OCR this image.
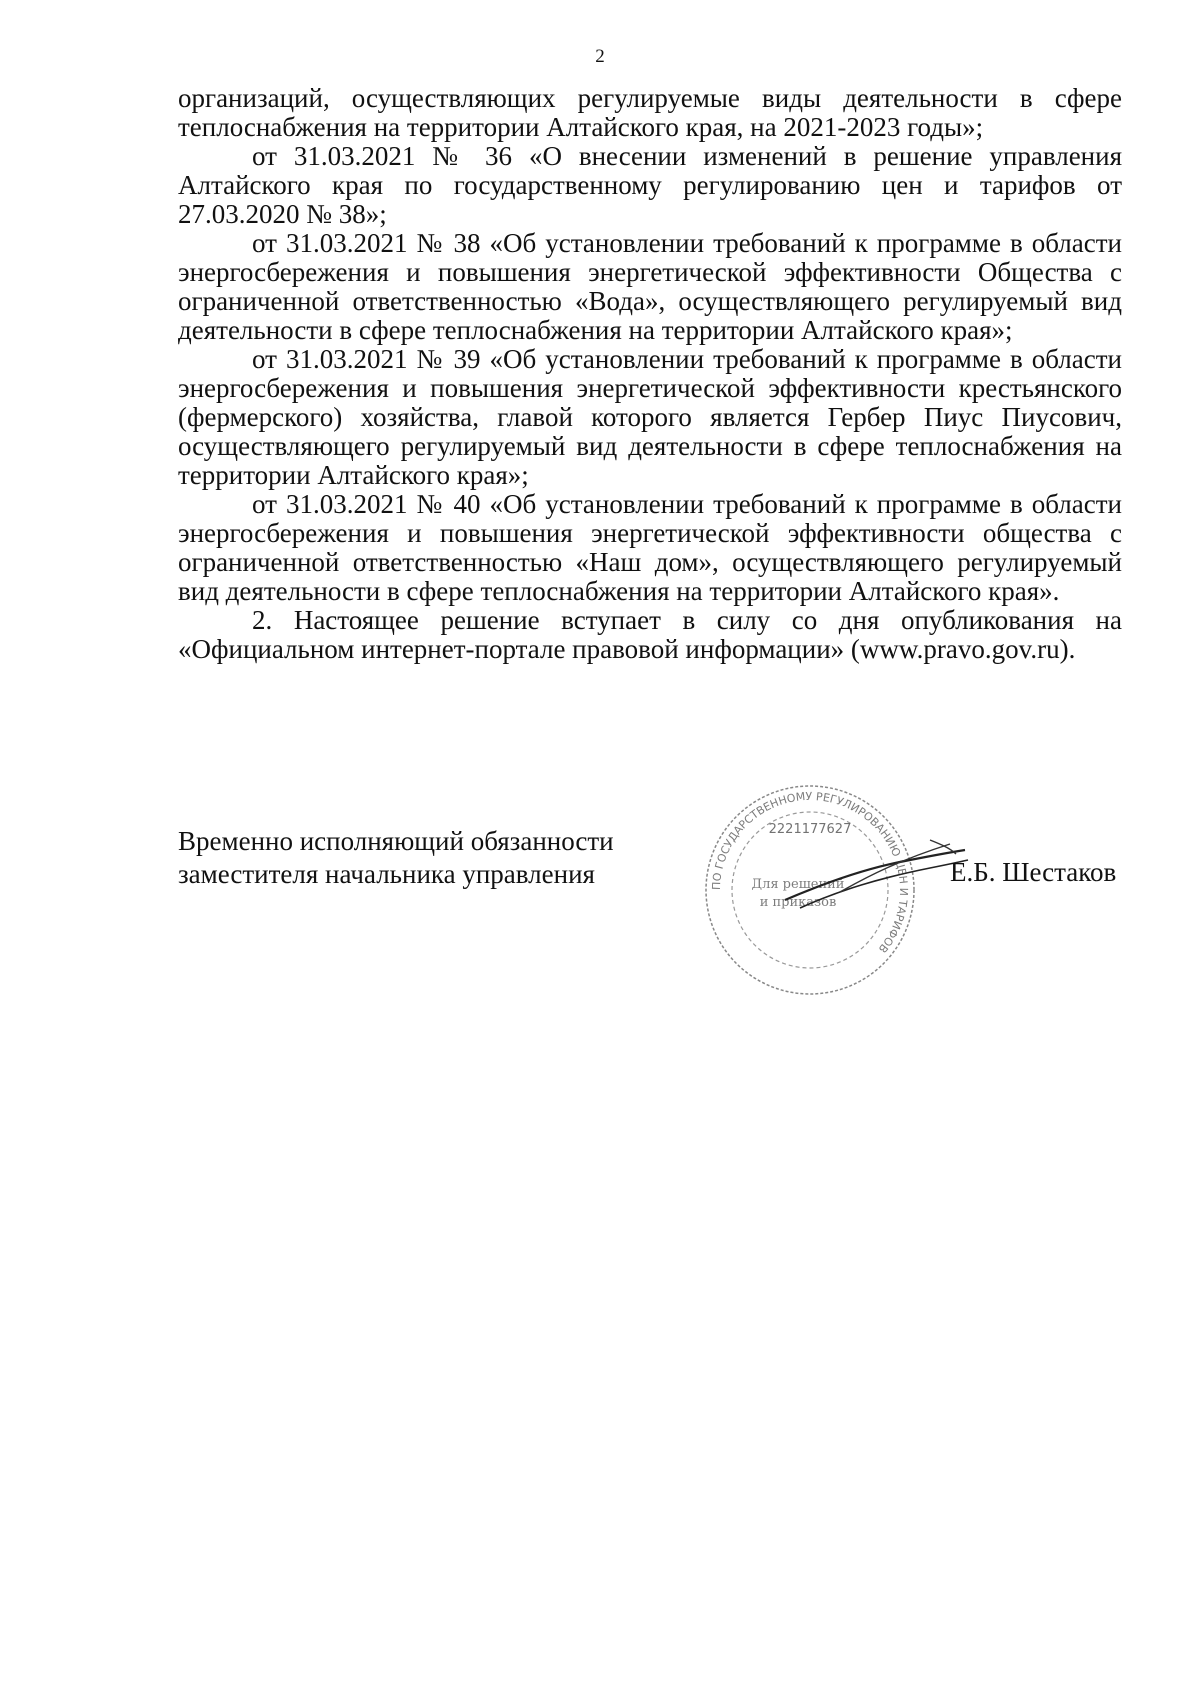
2

организаций, осуществляющих регулируемые виды деятельности в сфере теплоснабжения на территории Алтайского края, на 2021-2023 годы»;

от 31.03.2021 № 36 «О внесении изменений в решение управления Алтайского края по государственному регулированию цен и тарифов от 27.03.2020 № 38»;

от 31.03.2021 № 38 «Об установлении требований к программе в области энергосбережения и повышения энергетической эффективности Общества с ограниченной ответственностью «Вода», осуществляющего регулируемый вид деятельности в сфере теплоснабжения на территории Алтайского края»;

от 31.03.2021 № 39 «Об установлении требований к программе в области энергосбережения и повышения энергетической эффективности крестьянского (фермерского) хозяйства, главой которого является Гербер Пиус Пиусович, осуществляющего регулируемый вид деятельности в сфере теплоснабжения на территории Алтайского края»;

от 31.03.2021 № 40 «Об установлении требований к программе в области энергосбережения и повышения энергетической эффективности общества с ограниченной ответственностью «Наш дом», осуществляющего регулируемый вид деятельности в сфере теплоснабжения на территории Алтайского края».

2. Настоящее решение вступает в силу со дня опубликования на «Официальном интернет-портале правовой информации» (www.pravo.gov.ru).

Временно исполняющий обязанности
заместителя начальника управления	ПО ГОСУДАРСТВЕННОМУ РЕГУЛИРОВАНИЮ ЦЕН И ТАРИФОВ
2221177627
Для решений
и приказов
Е.Б. Шестаков
